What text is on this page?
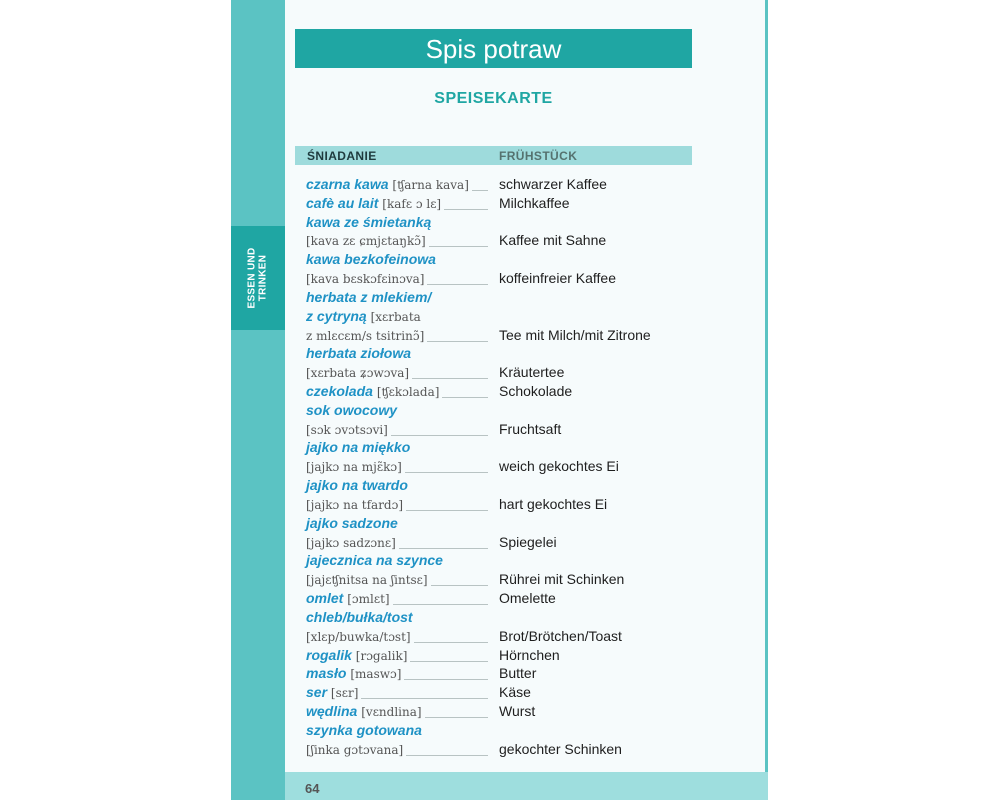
ESSEN UND TRINKEN
64
Spis potraw
SPEISEKARTE
ŚNIADANIE	FRÜHSTÜCK
czarna kawa [ʧarna kava] schwarzer Kaffee
cafè au lait [kafɛ ɔ lɛ]	Milchkaffee
kawa ze śmietanką
[kava zɛ ɕmjɛtaŋkɔ̃]	Kaffee mit Sahne
kawa bezkofeinowa
[kava bɛskɔfɛinɔva]	koffeinfreier Kaffee
herbata z mlekiem/
z cytryną [xɛrbata
z mlɛcɛm/s tsitrinɔ̃]	Tee mit Milch/mit Zitrone
herbata ziołowa
[xɛrbata ʑɔwɔva]	Kräutertee
czekolada [ʧɛkɔlada]	Schokolade
sok owocowy
[sɔk ɔvɔtsɔvi]	Fruchtsaft
jajko na miękko
[jajkɔ na mjɛ̃kɔ]	weich gekochtes Ei
jajko na twardo
[jajkɔ na tfardɔ]	hart gekochtes Ei
jajko sadzone
[jajkɔ sadzɔnɛ]	Spiegelei
jajecznica na szynce
[jajɛʧnitsa na ʃintsɛ]	Rührei mit Schinken
omlet [ɔmlɛt]	Omelette
chleb/bułka/tost
[xlɛp/buwka/tɔst]	Brot/Brötchen/Toast
rogalik [rɔgalik]	Hörnchen
masło [maswɔ]	Butter
ser [sɛr]	Käse
wędlina [vɛndlina]	Wurst
szynka gotowana
[ʃinka gɔtɔvana]	gekochter Schinken
